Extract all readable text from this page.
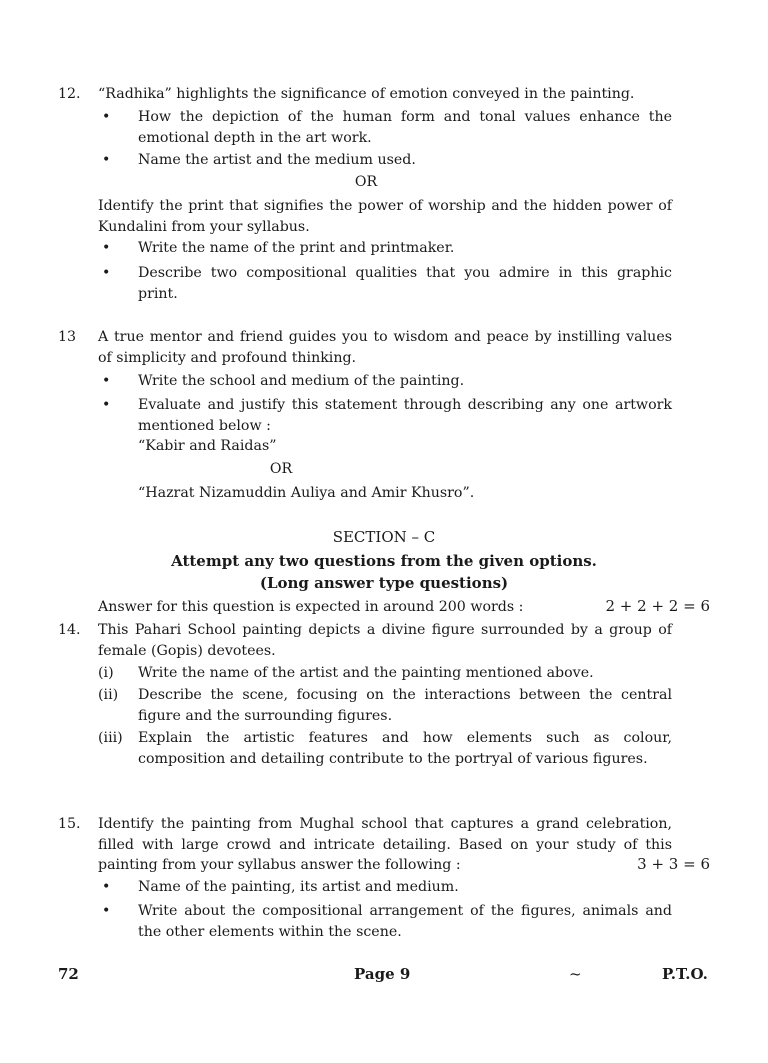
12.	“Radhika” highlights the significance of emotion conveyed in the painting.
•	How the depiction of the human form and tonal values enhance the emotional depth in the art work.
•	Name the artist and the medium used.
OR
Identify the print that signifies the power of worship and the hidden power of Kundalini from your syllabus.
•	Write the name of the print and printmaker.
•	Describe two compositional qualities that you admire in this graphic print.
13	A true mentor and friend guides you to wisdom and peace by instilling values of simplicity and profound thinking.
•	Write the school and medium of the painting.
•	Evaluate and justify this statement through describing any one artwork mentioned below :
“Kabir and Raidas”
OR
“Hazrat Nizamuddin Auliya and Amir Khusro”.
SECTION – C
Attempt any two questions from the given options.
(Long answer type questions)
Answer for this question is expected in around 200 words :	2 + 2 + 2 = 6
14.	This Pahari School painting depicts a divine figure surrounded by a group of female (Gopis) devotees.
(i)	Write the name of the artist and the painting mentioned above.
(ii)	Describe the scene, focusing on the interactions between the central figure and the surrounding figures.
(iii)	Explain the artistic features and how elements such as colour, composition and detailing contribute to the portryal of various figures.
15.	Identify the painting from Mughal school that captures a grand celebration, filled with large crowd and intricate detailing. Based on your study of this painting from your syllabus answer the following :	3 + 3 = 6
•	Name of the painting, its artist and medium.
•	Write about the compositional arrangement of the figures, animals and the other elements within the scene.
72	Page 9	~	P.T.O.
